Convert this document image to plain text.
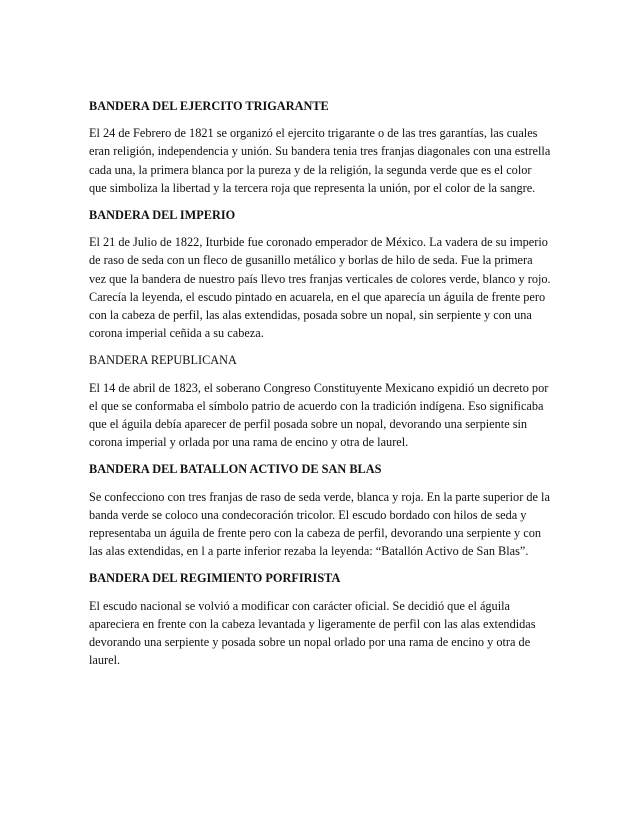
BANDERA DEL EJERCITO TRIGARANTE
El 24 de Febrero de 1821 se organizó el ejercito trigarante o de las tres garantías, las cuales eran religión, independencia y unión. Su bandera tenia tres franjas diagonales con una estrella cada una, la primera blanca por la pureza y de la religión, la segunda verde que es el color que simboliza la libertad y la tercera roja que representa la unión, por el color de la sangre.
BANDERA DEL IMPERIO
El 21 de Julio de 1822, Iturbide fue coronado emperador de México. La vadera de su imperio de raso de seda con un fleco de gusanillo metálico y borlas de hilo de seda. Fue la primera vez que la bandera de nuestro país llevo tres franjas verticales de colores verde, blanco y rojo. Carecía la leyenda, el escudo pintado en acuarela, en el que aparecía un águila de frente pero con la cabeza de perfil, las alas extendidas, posada sobre un nopal, sin serpiente y con una corona imperial ceñida a su cabeza.
BANDERA REPUBLICANA
El 14 de abril de 1823, el soberano Congreso Constituyente Mexicano expidió un decreto por el que se conformaba el símbolo patrio de acuerdo con la tradición indígena. Eso significaba que el águila debía aparecer de perfil posada sobre un nopal, devorando una serpiente sin corona imperial y orlada por una rama de encino y otra de laurel.
BANDERA DEL BATALLON ACTIVO DE SAN BLAS
Se confecciono con tres franjas de raso de seda verde, blanca y roja. En la parte superior de la banda verde se coloco una condecoración tricolor. El escudo bordado con hilos de seda y representaba un águila de frente pero con la cabeza de perfil, devorando una serpiente y con las alas extendidas, en l a parte inferior rezaba la leyenda: “Batallón Activo de San Blas”.
BANDERA DEL REGIMIENTO PORFIRISTA
El escudo nacional se volvió a modificar con carácter oficial. Se decidió que el águila apareciera en frente con la cabeza levantada y ligeramente de perfil con las alas extendidas devorando una serpiente y posada sobre un nopal orlado por una rama de encino y otra de laurel.
